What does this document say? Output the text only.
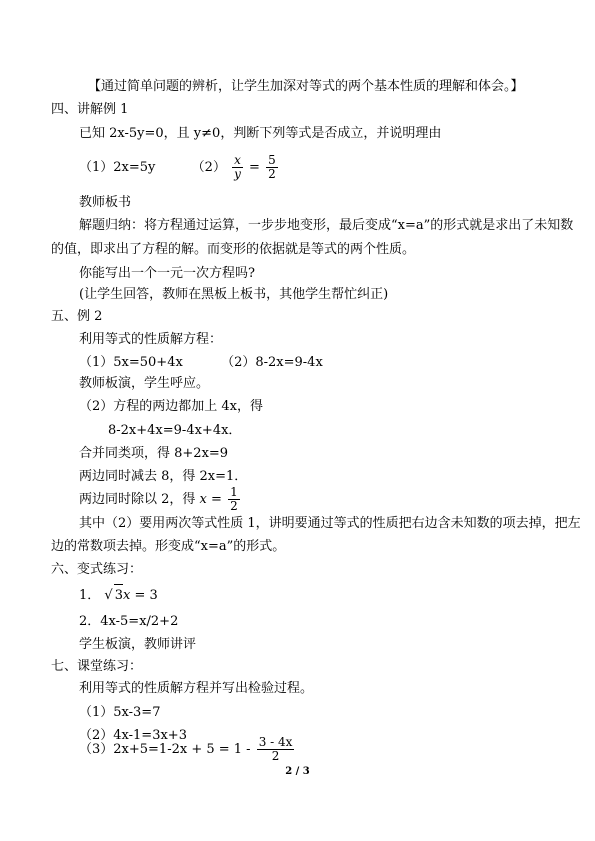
【通过简单问题的辨析，让学生加深对等式的两个基本性质的理解和体会。】
四、讲解例 1
已知 2x-5y=0，且 y≠0，判断下列等式是否成立，并说明理由
（1）2x=5y	$(2) \frac{x}{y} = \frac{5}{2}$
教师板书
解题归纳：将方程通过运算，一步步地变形，最后变成“x=a”的形式就是求出了未知数
的值，即求出了方程的解。而变形的依据就是等式的两个性质。
你能写出一个一元一次方程吗?
(让学生回答，教师在黑板上板书，其他学生帮忙纠正)
五、例 2
利用等式的性质解方程：
（1）5x=50+4x	（2）8-2x=9-4x
教师板演，学生呼应。
（2）方程的两边都加上 4x，得
8-2x+4x=9-4x+4x．
合并同类项，得 8+2x=9
两边同时减去 8，得 2x=1．
两边同时除以 2，得 $x = \frac{1}{2}$
其中（2）要用两次等式性质 1，讲明要通过等式的性质把右边含未知数的项去掉，把左
边的常数项去掉。形变成“x=a”的形式。
六、变式练习：
1． √ 3x = 3
2．4x-5=x/2+2
学生板演，教师讲评
七、课堂练习：
利用等式的性质解方程并写出检验过程。
（1）5x-3=7
（2）4x-1=3x+3
$(3)2x+5=1-2x + 5 = 1 - \frac{3 - 4x}{2}$
2 / 3
